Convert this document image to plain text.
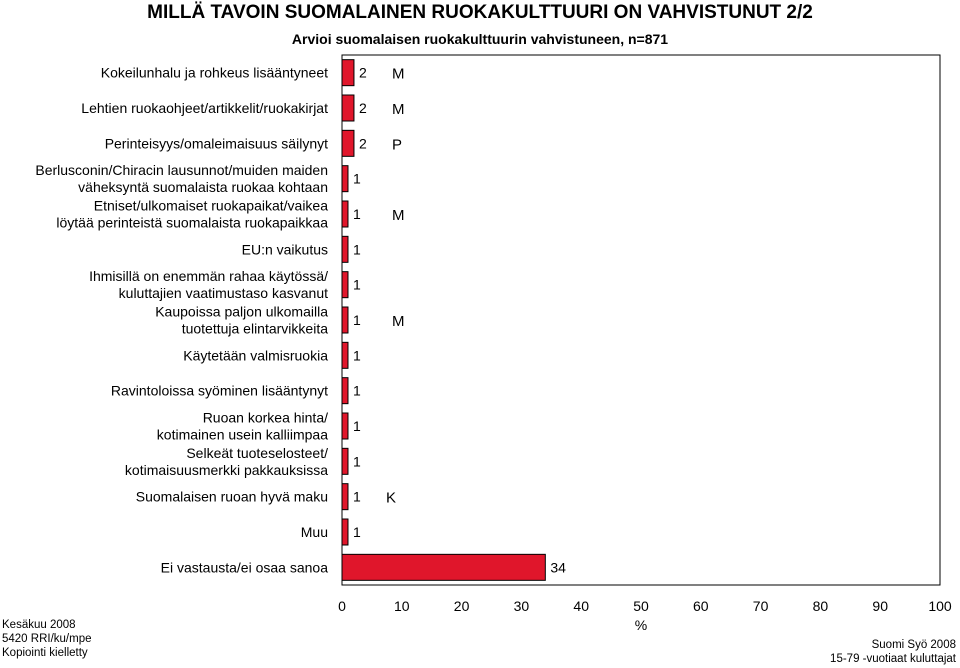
MILLÄ TAVOIN SUOMALAINEN RUOKAKULTTUURI ON VAHVISTUNUT 2/2
Arvioi suomalaisen ruokakulttuurin vahvistuneen, n=871
2 M
Kokeilunhalu ja rohkeus lisääntyneet
2 M
Lehtien ruokaohjeet/artikkelit/ruokakirjat
2 P
Perinteisyys/omaleimaisuus säilynyt
1
Berlusconin/Chiracin lausunnot/muiden maiden
väheksyntä suomalaista ruokaa kohtaan
1 M
Etniset/ulkomaiset ruokapaikat/vaikea
löytää perinteistä suomalaista ruokapaikkaa
1
EU:n vaikutus
1
Ihmisillä on enemmän rahaa käytössä/
kuluttajien vaatimustaso kasvanut
1 M
Kaupoissa paljon ulkomailla
tuotettuja elintarvikkeita
1
Käytetään valmisruokia
1
Ravintoloissa syöminen lisääntynyt
1
Ruoan korkea hinta/
kotimainen usein kalliimpaa
1
Selkeät tuoteselosteet/
kotimaisuusmerkki pakkauksissa
1 K
Suomalaisen ruoan hyvä maku
1
Muu
34
Ei vastausta/ei osaa sanoa
0	10	20	30	40	50	60	70	80	90	100
%
Kesäkuu 2008
5420 RRI/ku/mpe
Kopiointi kielletty
Suomi Syö 2008
15-79 -vuotiaat kuluttajat
